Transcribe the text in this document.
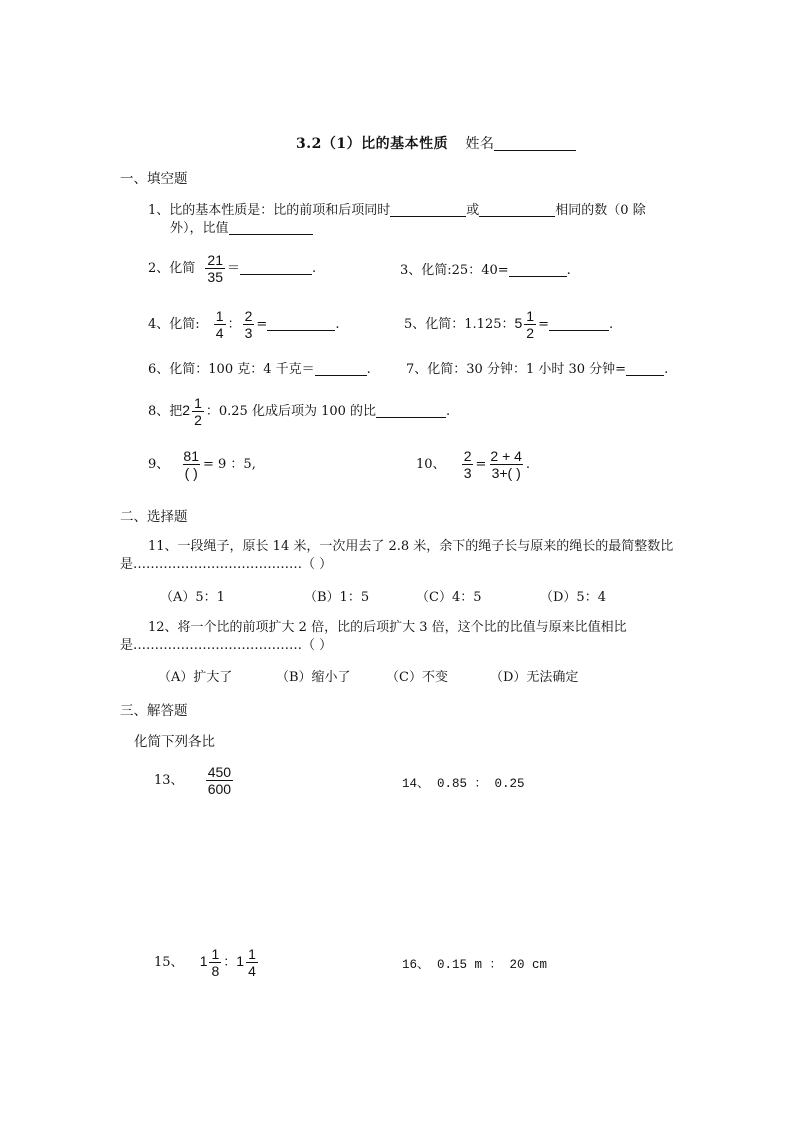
3.2（1）比的基本性质 姓名
一、填空题
1、比的基本性质是：比的前项和后项同时	或	相同的数（0 除
外），比值
2、化简 $\frac{21}{35}$ ＝	.	3、化简:25：40=	.
4、化简: $\frac{1}{4}$ ： $\frac{2}{3}$ =	.	5、化简：1.125：$5 \frac{1}{2}$ =	.
6、化简：100 克：4 千克＝	.	7、化简：30 分钟：1 小时 30 分钟=	.
8、把$2 \frac{1}{2}$ ：0.25 化成后项为 100 的比	.
9、 $\frac{81}{( )} = 9$ ：5,	10、 $\frac{2}{3} = \frac{2 + 4}{3+( )}$ .
二、选择题
11、一段绳子，原长 14 米，一次用去了 2.8 米，余下的绳子长与原来的绳长的最简整数比
是…………………………………（ ）
（A）5：1	（B）1：5	（C）4：5	（D）5：4
12、将一个比的前项扩大 2 倍，比的后项扩大 3 倍，这个比的比值与原来比值相比
是…………………………………（ ）
（A）扩大了	（B）缩小了	（C）不变	（D）无法确定
三、解答题
化简下列各比
13、 $\frac{450}{600}$	14、 0.85 ： 0.25
15、 $1 \frac{1}{8}$ ：$1 \frac{1}{4}$	16、 0.15 m ： 20 cm
